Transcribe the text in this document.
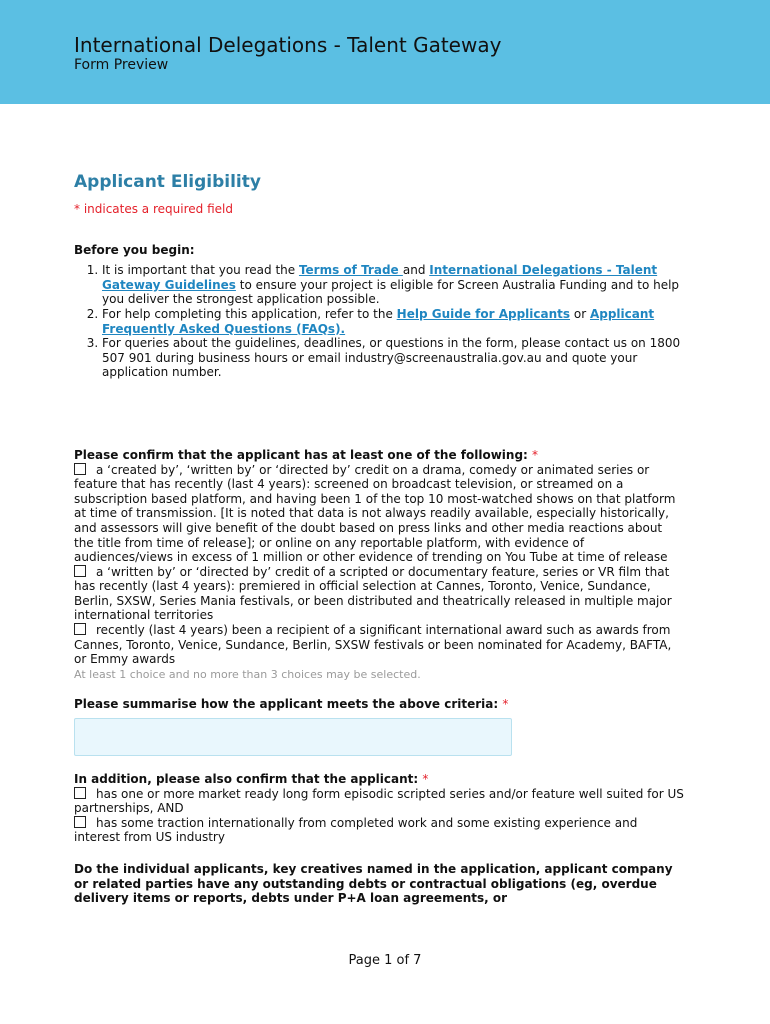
International Delegations - Talent Gateway
Form Preview
Applicant Eligibility
* indicates a required field
Before you begin:
1. It is important that you read the Terms of Trade and International Delegations - Talent Gateway Guidelines to ensure your project is eligible for Screen Australia Funding and to help you deliver the strongest application possible.
2. For help completing this application, refer to the Help Guide for Applicants or Applicant Frequently Asked Questions (FAQs).
3. For queries about the guidelines, deadlines, or questions in the form, please contact us on 1800 507 901 during business hours or email industry@screenaustralia.gov.au and quote your application number.
Please confirm that the applicant has at least one of the following: *
a ‘created by’, ‘written by’ or ‘directed by’ credit on a drama, comedy or animated series or feature that has recently (last 4 years): screened on broadcast television, or streamed on a subscription based platform, and having been 1 of the top 10 most-watched shows on that platform at time of transmission. [It is noted that data is not always readily available, especially historically, and assessors will give benefit of the doubt based on press links and other media reactions about the title from time of release]; or online on any reportable platform, with evidence of audiences/views in excess of 1 million or other evidence of trending on You Tube at time of release
a ‘written by’ or ‘directed by’ credit of a scripted or documentary feature, series or VR film that has recently (last 4 years): premiered in official selection at Cannes, Toronto, Venice, Sundance, Berlin, SXSW, Series Mania festivals, or been distributed and theatrically released in multiple major international territories
recently (last 4 years) been a recipient of a significant international award such as awards from Cannes, Toronto, Venice, Sundance, Berlin, SXSW festivals or been nominated for Academy, BAFTA, or Emmy awards
At least 1 choice and no more than 3 choices may be selected.
Please summarise how the applicant meets the above criteria: *
In addition, please also confirm that the applicant: *
has one or more market ready long form episodic scripted series and/or feature well suited for US partnerships, AND
has some traction internationally from completed work and some existing experience and interest from US industry
Do the individual applicants, key creatives named in the application, applicant company or related parties have any outstanding debts or contractual obligations (eg, overdue delivery items or reports, debts under P+A loan agreements, or
Page 1 of 7
